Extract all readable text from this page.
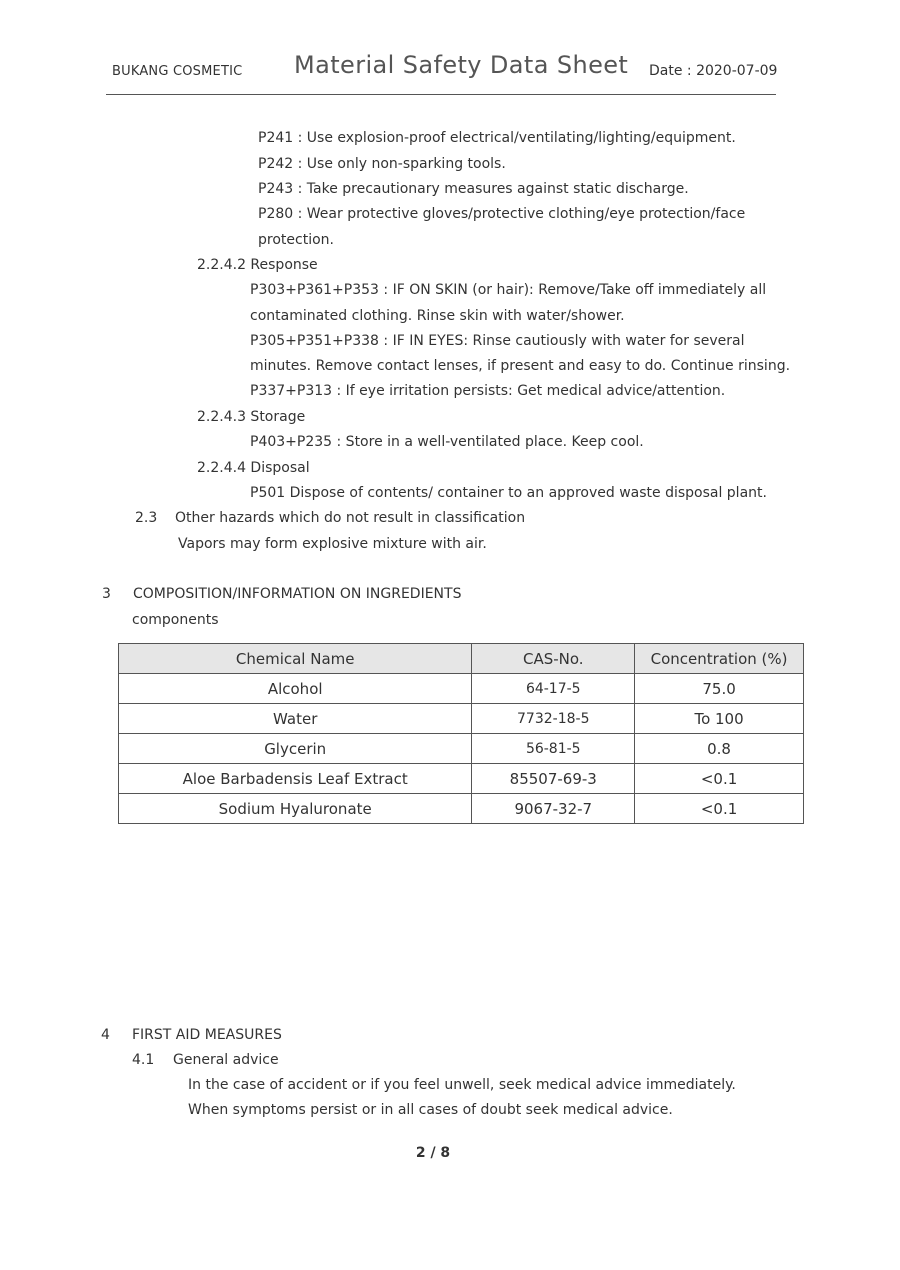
BUKANG COSMETIC Material Safety Data Sheet Date : 2020-07-09
P241 : Use explosion-proof electrical/ventilating/lighting/equipment.
P242 : Use only non-sparking tools.
P243 : Take precautionary measures against static discharge.
P280 : Wear protective gloves/protective clothing/eye protection/face
protection.
2.2.4.2 Response
P303+P361+P353 : IF ON SKIN (or hair): Remove/Take off immediately all
contaminated clothing. Rinse skin with water/shower.
P305+P351+P338 : IF IN EYES: Rinse cautiously with water for several
minutes. Remove contact lenses, if present and easy to do. Continue rinsing.
P337+P313 : If eye irritation persists: Get medical advice/attention.
2.2.4.3 Storage
P403+P235 : Store in a well-ventilated place. Keep cool.
2.2.4.4 Disposal
P501 Dispose of contents/ container to an approved waste disposal plant.
2.3 Other hazards which do not result in classification
Vapors may form explosive mixture with air.
3 COMPOSITION/INFORMATION ON INGREDIENTS
components
Chemical Name	CAS-No.	Concentration (%)
Alcohol	64-17-5	75.0
Water	7732-18-5	To 100
Glycerin	56-81-5	0.8
Aloe Barbadensis Leaf Extract	85507-69-3	<0.1
Sodium Hyaluronate	9067-32-7	<0.1
4 FIRST AID MEASURES
4.1 General advice
In the case of accident or if you feel unwell, seek medical advice immediately.
When symptoms persist or in all cases of doubt seek medical advice.
2 / 8
